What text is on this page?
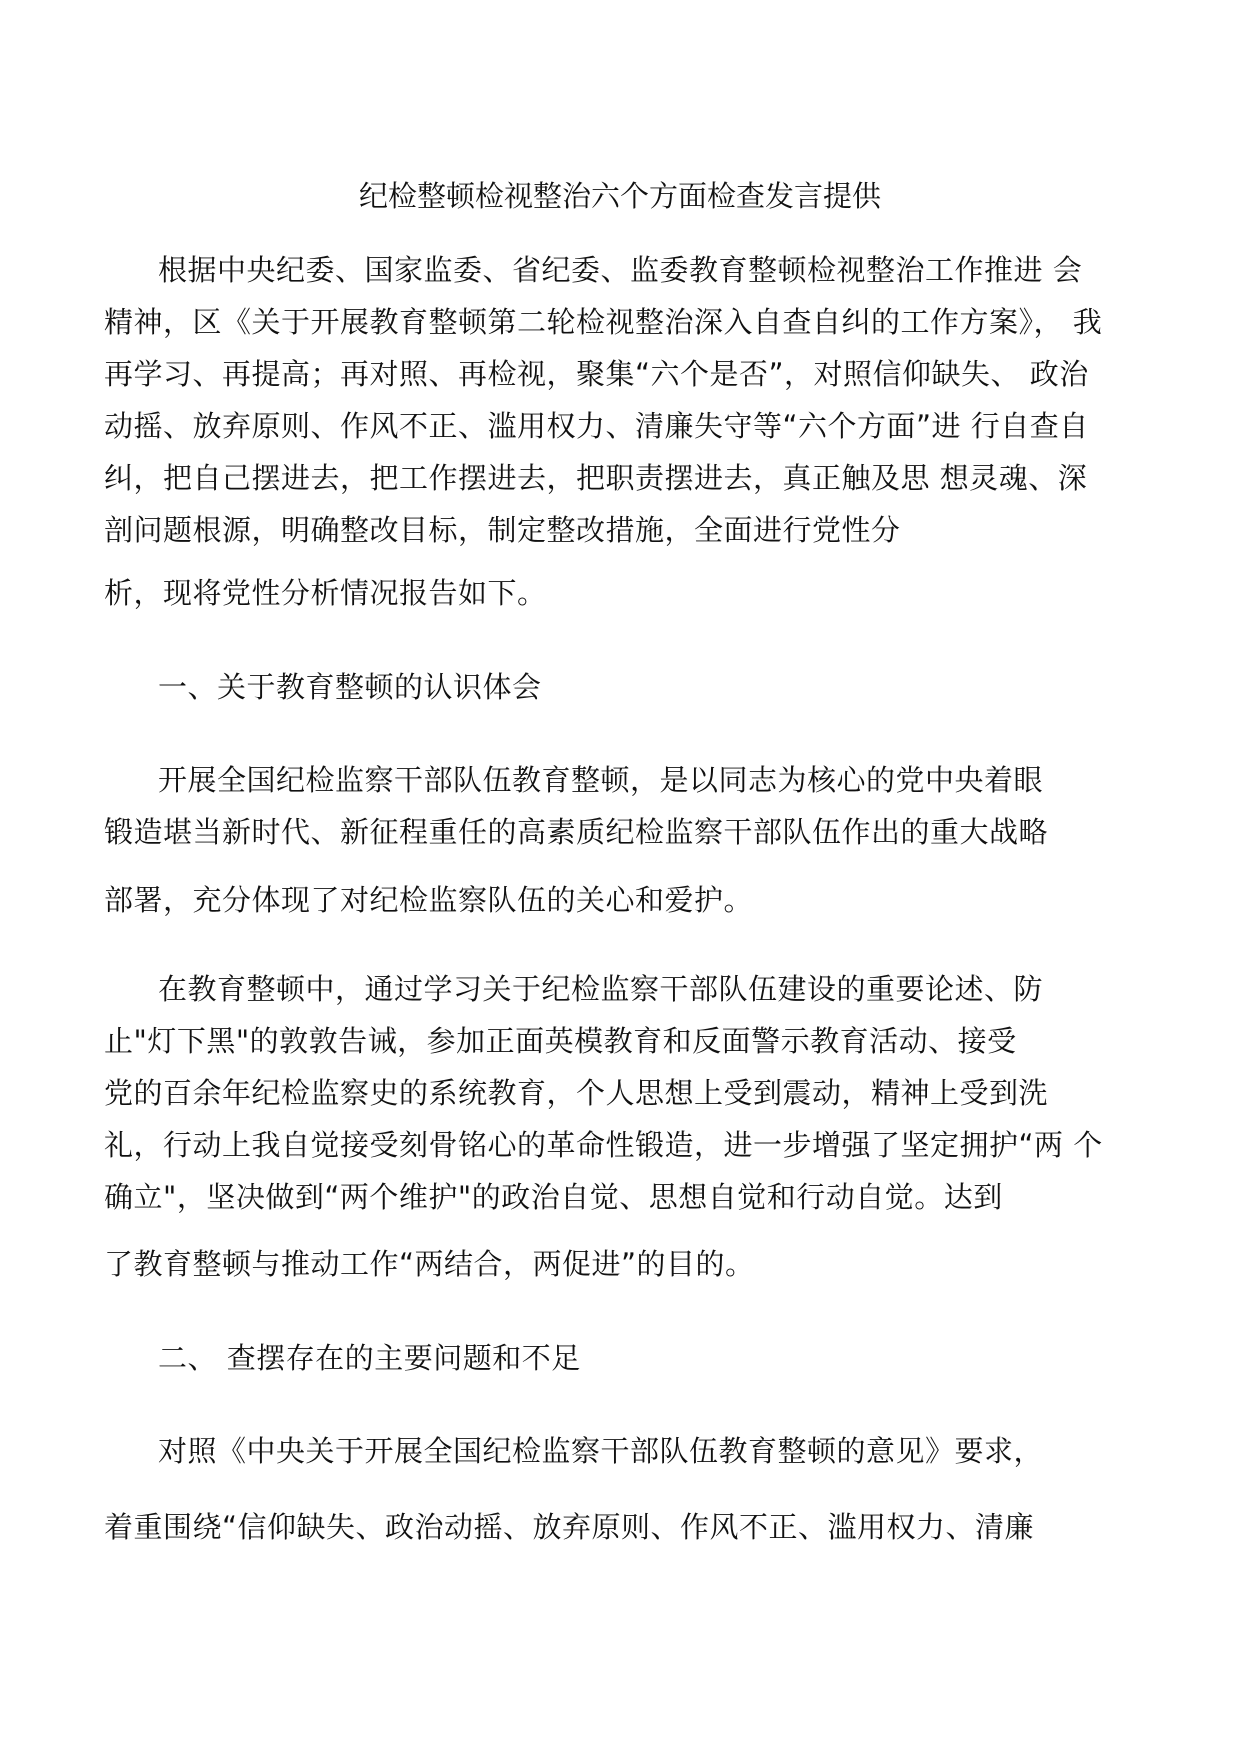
纪检整顿检视整治六个方面检查发言提供
根据中央纪委、国家监委、省纪委、监委教育整顿检视整治工作推进 会
精神，区《关于开展教育整顿第二轮检视整治深入自查自纠的工作方案》， 我
再学习、再提高；再对照、再检视，聚集“六个是否”，对照信仰缺失、 政治
动摇、放弃原则、作风不正、滥用权力、清廉失守等“六个方面”进 行自查自
纠，把自己摆进去，把工作摆进去，把职责摆进去，真正触及思 想灵魂、深
剖问题根源，明确整改目标，制定整改措施，全面进行党性分
析，现将党性分析情况报告如下。
一、关于教育整顿的认识体会
开展全国纪检监察干部队伍教育整顿，是以同志为核心的党中央着眼
锻造堪当新时代、新征程重任的高素质纪检监察干部队伍作出的重大战略
部署，充分体现了对纪检监察队伍的关心和爱护。
在教育整顿中，通过学习关于纪检监察干部队伍建设的重要论述、防
止"灯下黑"的敦敦告诫，参加正面英模教育和反面警示教育活动、接受
党的百余年纪检监察史的系统教育，个人思想上受到震动，精神上受到洗
礼，行动上我自觉接受刻骨铭心的革命性锻造，进一步增强了坚定拥护“两 个
确立"，坚决做到“两个维护"的政治自觉、思想自觉和行动自觉。达到
了教育整顿与推动工作“两结合，两促进”的目的。
二、 查摆存在的主要问题和不足
对照《中央关于开展全国纪检监察干部队伍教育整顿的意见》要求，
着重围绕“信仰缺失、政治动摇、放弃原则、作风不正、滥用权力、清廉
